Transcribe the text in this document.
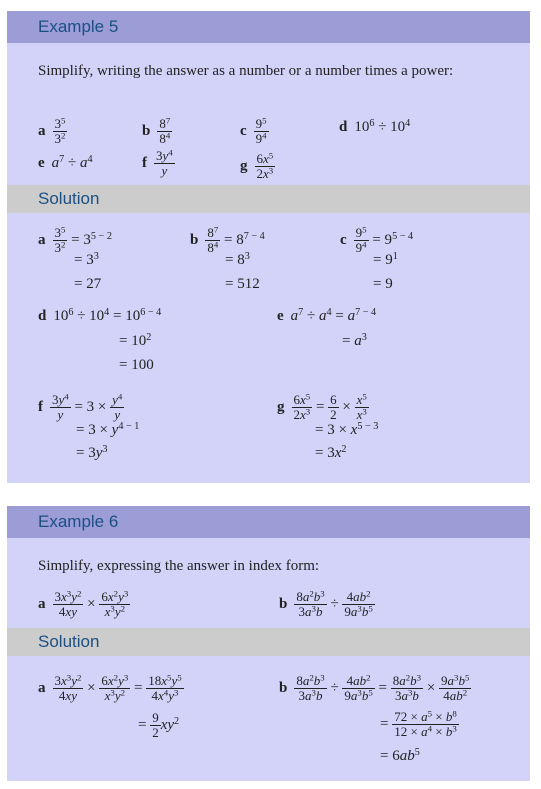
Example 5
Simplify, writing the answer as a number or a number times a power:
a $\frac{3^5}{3^2}$	b $\frac{8^7}{8^4}$	c $\frac{9^5}{9^4}$	d $10^6 \div 10^4$
e $a^7 \div a^4$	f $\frac{3y^4}{y}$	g $\frac{6x^5}{2x^3}$
Solution
a $\frac{3^5}{3^2} = 3^{5 - 2}$
= $3^3$
= 27
b $\frac{8^7}{8^4} = 8^{7 - 4}$
= $8^3$
= 512
c $\frac{9^5}{9^4} = 9^{5 - 4}$
= $9^1$
= 9
d $10^6 \div 10^4 = 10^{6 - 4}$
= $10^2$
= 100
e $a^7 \div a^4 = a^{7 - 4}$
= $a^3$
f $\frac{3y^4}{y} = 3 \times \frac{y^4}{y}$
= $3 \times y^{4 - 1}$
= $3y^3$
g $\frac{6x^5}{2x^3} = \frac{6}{2} \times \frac{x^5}{x^3}$
= $3 \times x^{5 - 3}$
= $3x^2$
Example 6
Simplify, expressing the answer in index form:
a $\frac{3x^3y^2}{4xy} \times \frac{6x^2y^3}{x^3y^2}$	b $\frac{8a^2b^3}{3a^3b} \div \frac{4ab^2}{9a^3b^5}$
Solution
a $\frac{3x^3y^2}{4xy} \times \frac{6x^2y^3}{x^3y^2} = \frac{18x^5y^5}{4x^4y^3}$
= $\frac{9}{2} xy^2$
b $\frac{8a^2b^3}{3a^3b} \div \frac{4ab^2}{9a^3b^5} = \frac{8a^2b^3}{3a^3b} \times \frac{9a^3b^5}{4ab^2}$
= $\frac{72 \times a^5 \times b^8}{12 \times a^4 \times b^3}$
= $6ab^5$
